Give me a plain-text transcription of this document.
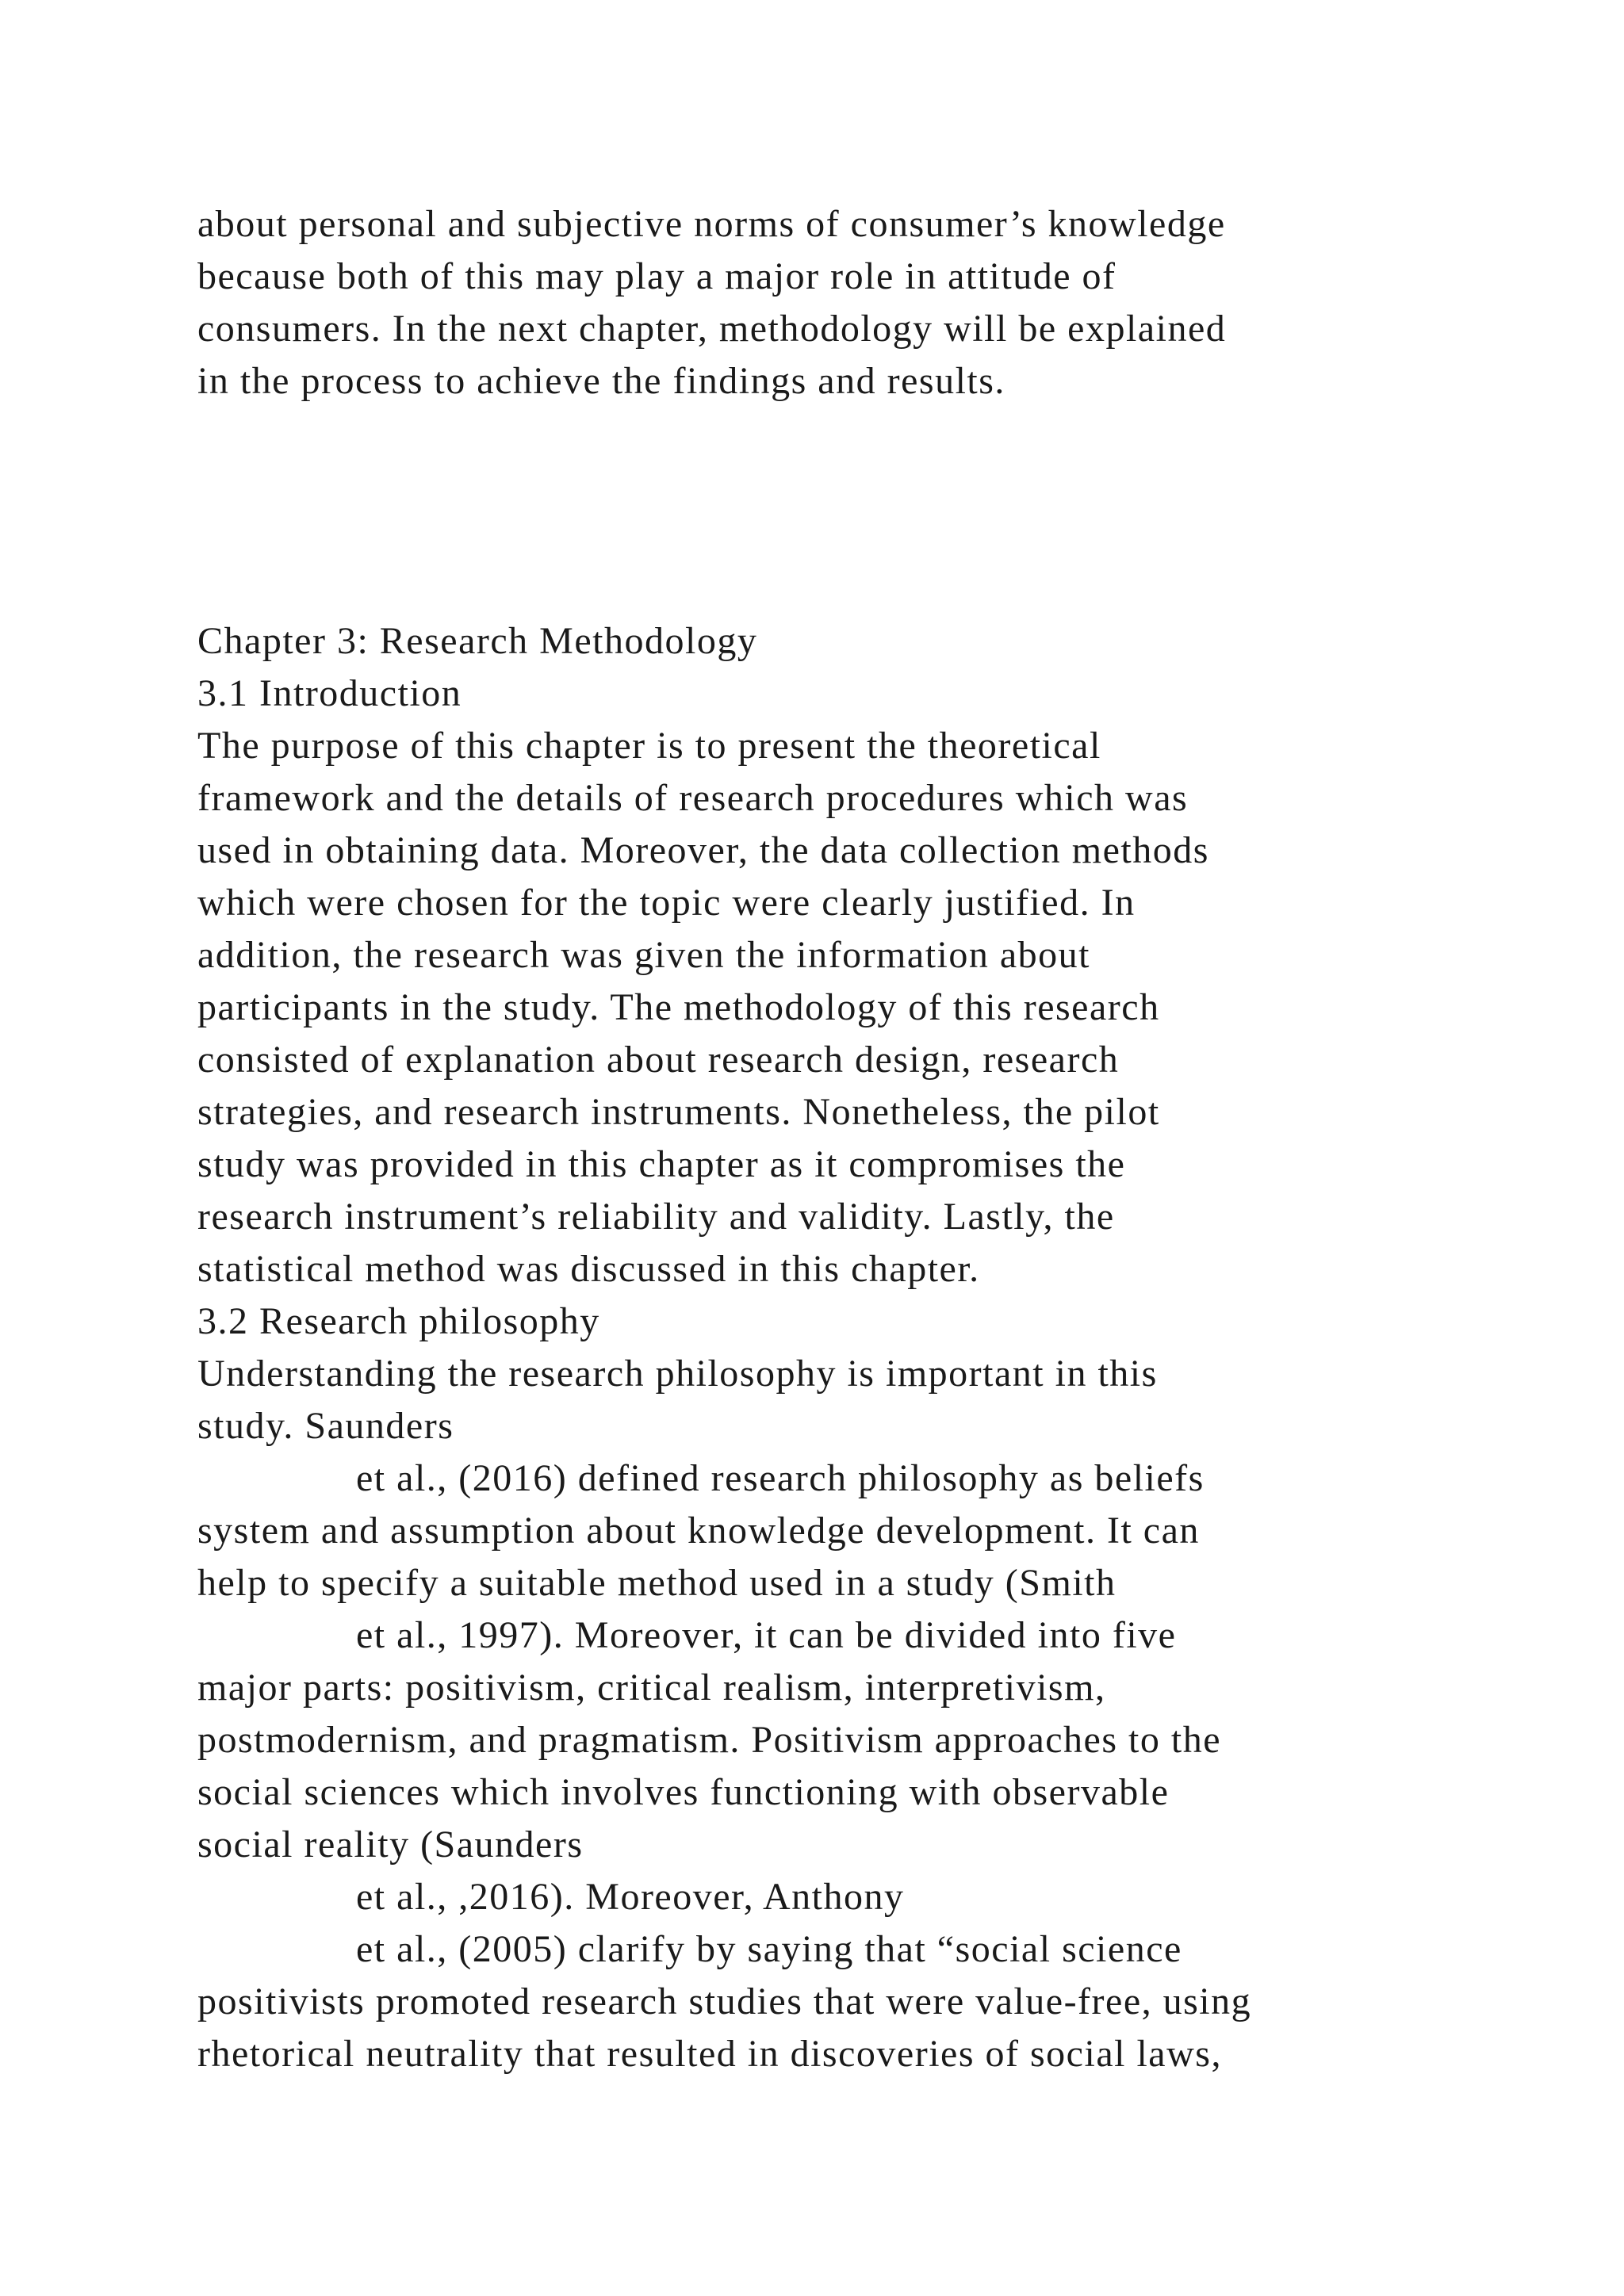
about personal and subjective norms of consumer’s knowledge
because both of this may play a major role in attitude of
consumers. In the next chapter, methodology will be explained
in the process to achieve the findings and results.
Chapter 3: Research Methodology
3.1 Introduction
The purpose of this chapter is to present the theoretical
framework and the details of research procedures which was
used in obtaining data. Moreover, the data collection methods
which were chosen for the topic were clearly justified. In
addition, the research was given the information about
participants in the study. The methodology of this research
consisted of explanation about research design, research
strategies, and research instruments. Nonetheless, the pilot
study was provided in this chapter as it compromises the
research instrument’s reliability and validity. Lastly, the
statistical method was discussed in this chapter.
3.2 Research philosophy
Understanding the research philosophy is important in this
study. Saunders
et al., (2016) defined research philosophy as beliefs
system and assumption about knowledge development. It can
help to specify a suitable method used in a study (Smith
et al., 1997). Moreover, it can be divided into five
major parts: positivism, critical realism, interpretivism,
postmodernism, and pragmatism. Positivism approaches to the
social sciences which involves functioning with observable
social reality (Saunders
et al., ,2016). Moreover, Anthony
et al., (2005) clarify by saying that “social science
positivists promoted research studies that were value-free, using
rhetorical neutrality that resulted in discoveries of social laws,
